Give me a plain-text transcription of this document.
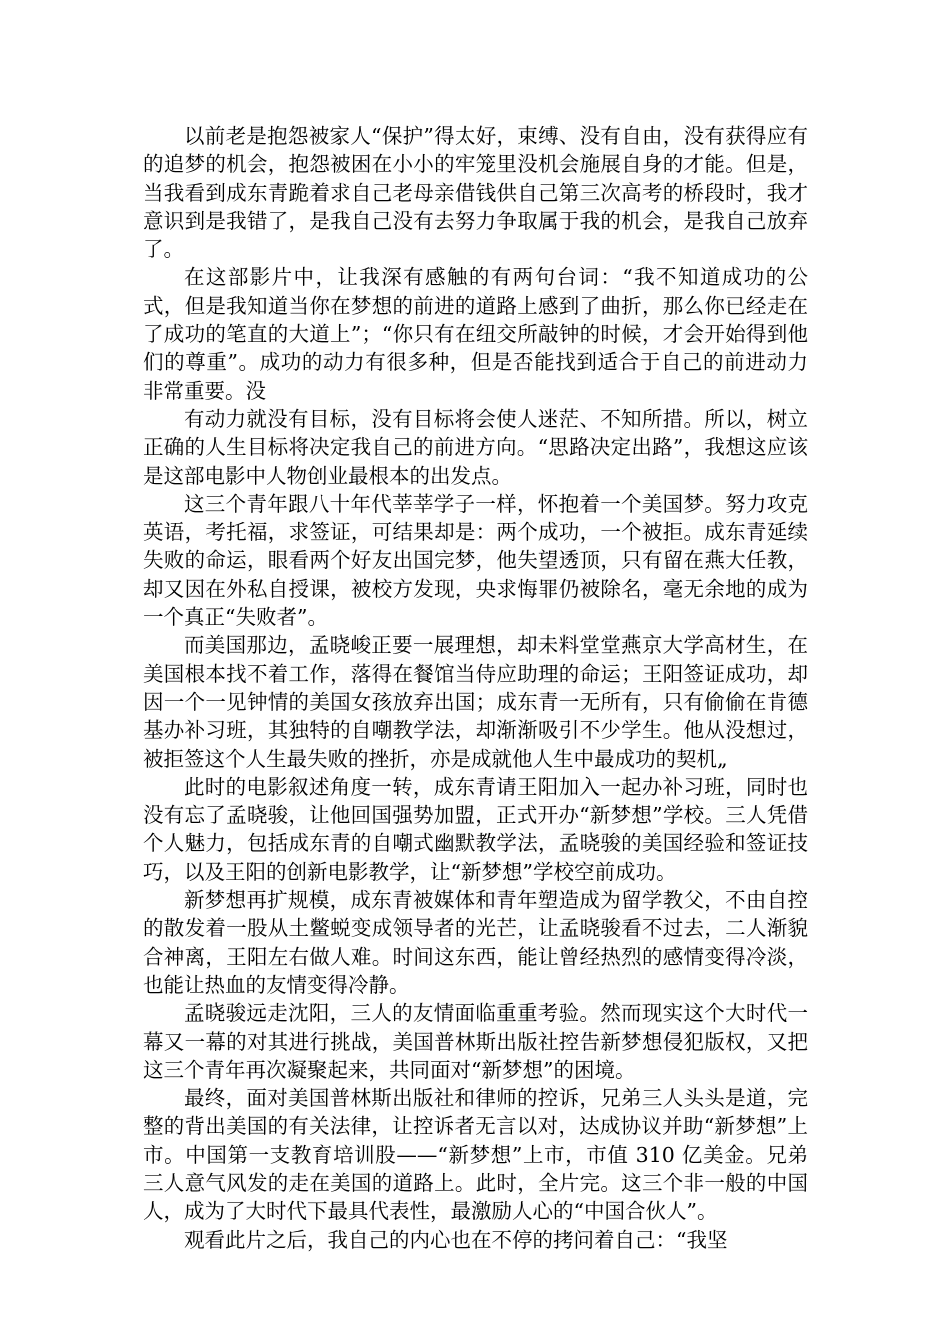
以前老是抱怨被家人“保护”得太好，束缚、没有自由，没有获得应有的追梦的机会，抱怨被困在小小的牢笼里没机会施展自身的才能。但是，当我看到成东青跪着求自己老母亲借钱供自己第三次高考的桥段时，我才意识到是我错了，是我自己没有去努力争取属于我的机会，是我自己放弃了。

在这部影片中，让我深有感触的有两句台词：“我不知道成功的公式，但是我知道当你在梦想的前进的道路上感到了曲折，那么你已经走在了成功的笔直的大道上”；“你只有在纽交所敲钟的时候，才会开始得到他们的尊重”。成功的动力有很多种，但是否能找到适合于自己的前进动力非常重要。没

有动力就没有目标，没有目标将会使人迷茫、不知所措。所以，树立正确的人生目标将决定我自己的前进方向。“思路决定出路”，我想这应该是这部电影中人物创业最根本的出发点。

这三个青年跟八十年代莘莘学子一样，怀抱着一个美国梦。努力攻克英语，考托福，求签证，可结果却是：两个成功，一个被拒。成东青延续失败的命运，眼看两个好友出国完梦，他失望透顶，只有留在燕大任教，却又因在外私自授课，被校方发现，央求悔罪仍被除名，毫无余地的成为一个真正“失败者”。

而美国那边，孟晓峻正要一展理想，却未料堂堂燕京大学高材生，在美国根本找不着工作，落得在餐馆当侍应助理的命运；王阳签证成功，却因一个一见钟情的美国女孩放弃出国；成东青一无所有，只有偷偷在肯德基办补习班，其独特的自嘲教学法，却渐渐吸引不少学生。他从没想过，被拒签这个人生最失败的挫折，亦是成就他人生中最成功的契机„

此时的电影叙述角度一转，成东青请王阳加入一起办补习班，同时也没有忘了孟晓骏，让他回国强势加盟，正式开办“新梦想”学校。三人凭借个人魅力，包括成东青的自嘲式幽默教学法，孟晓骏的美国经验和签证技巧，以及王阳的创新电影教学，让“新梦想”学校空前成功。

新梦想再扩规模，成东青被媒体和青年塑造成为留学教父，不由自控的散发着一股从土鳖蜕变成领导者的光芒，让孟晓骏看不过去，二人渐貌合神离，王阳左右做人难。时间这东西，能让曾经热烈的感情变得冷淡，也能让热血的友情变得冷静。

孟晓骏远走沈阳，三人的友情面临重重考验。然而现实这个大时代一幕又一幕的对其进行挑战，美国普林斯出版社控告新梦想侵犯版权，又把这三个青年再次凝聚起来，共同面对“新梦想”的困境。

最终，面对美国普林斯出版社和律师的控诉，兄弟三人头头是道，完整的背出美国的有关法律，让控诉者无言以对，达成协议并助“新梦想”上市。中国第一支教育培训股——“新梦想”上市，市值 310 亿美金。兄弟三人意气风发的走在美国的道路上。此时，全片完。这三个非一般的中国人，成为了大时代下最具代表性，最激励人心的“中国合伙人”。

观看此片之后，我自己的内心也在不停的拷问着自己：“我坚
